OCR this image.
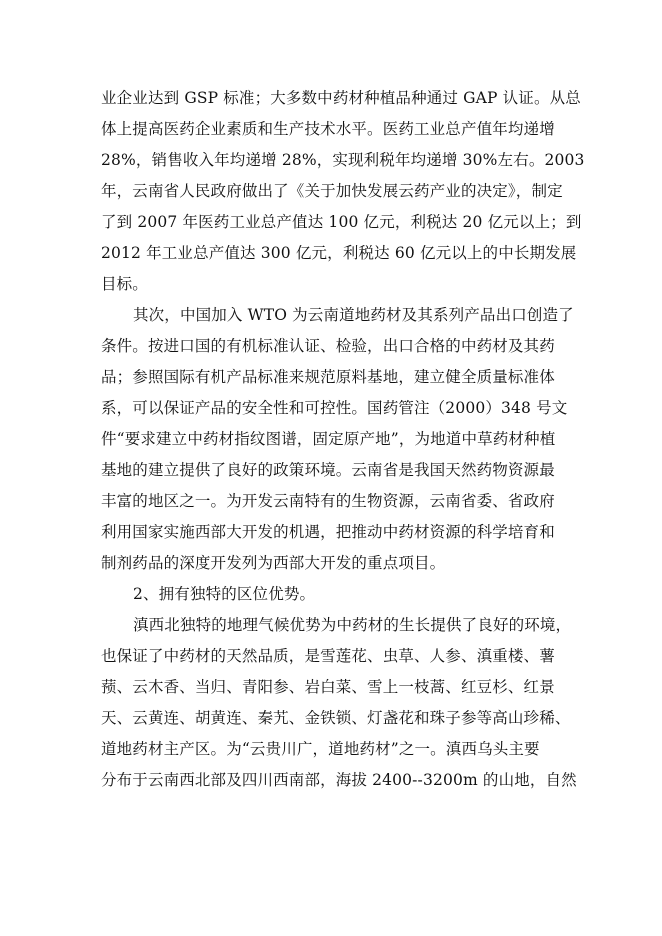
业企业达到 GSP 标准；大多数中药材种植品种通过 GAP 认证。从总
体上提高医药企业素质和生产技术水平。医药工业总产值年均递增
28%，销售收入年均递增 28%，实现利税年均递增 30%左右。2003
年，云南省人民政府做出了《关于加快发展云药产业的决定》，制定
了到 2007 年医药工业总产值达 100 亿元，利税达 20 亿元以上；到
2012 年工业总产值达 300 亿元，利税达 60 亿元以上的中长期发展
目标。
其次，中国加入 WTO 为云南道地药材及其系列产品出口创造了
条件。按进口国的有机标准认证、检验，出口合格的中药材及其药
品；参照国际有机产品标准来规范原料基地，建立健全质量标准体
系，可以保证产品的安全性和可控性。国药管注（2000）348 号文
件“要求建立中药材指纹图谱，固定原产地”，为地道中草药材种植
基地的建立提供了良好的政策环境。云南省是我国天然药物资源最
丰富的地区之一。为开发云南特有的生物资源，云南省委、省政府
利用国家实施西部大开发的机遇，把推动中药材资源的科学培育和
制剂药品的深度开发列为西部大开发的重点项目。
2、拥有独特的区位优势。
滇西北独特的地理气候优势为中药材的生长提供了良好的环境，
也保证了中药材的天然品质，是雪莲花、虫草、人参、滇重楼、薯
蓣、云木香、当归、青阳参、岩白菜、雪上一枝蒿、红豆杉、红景
天、云黄连、胡黄连、秦艽、金铁锁、灯盏花和珠子参等高山珍稀、
道地药材主产区。为“云贵川广，道地药材”之一。滇西乌头主要
分布于云南西北部及四川西南部，海拔 2400--3200m 的山地，自然
